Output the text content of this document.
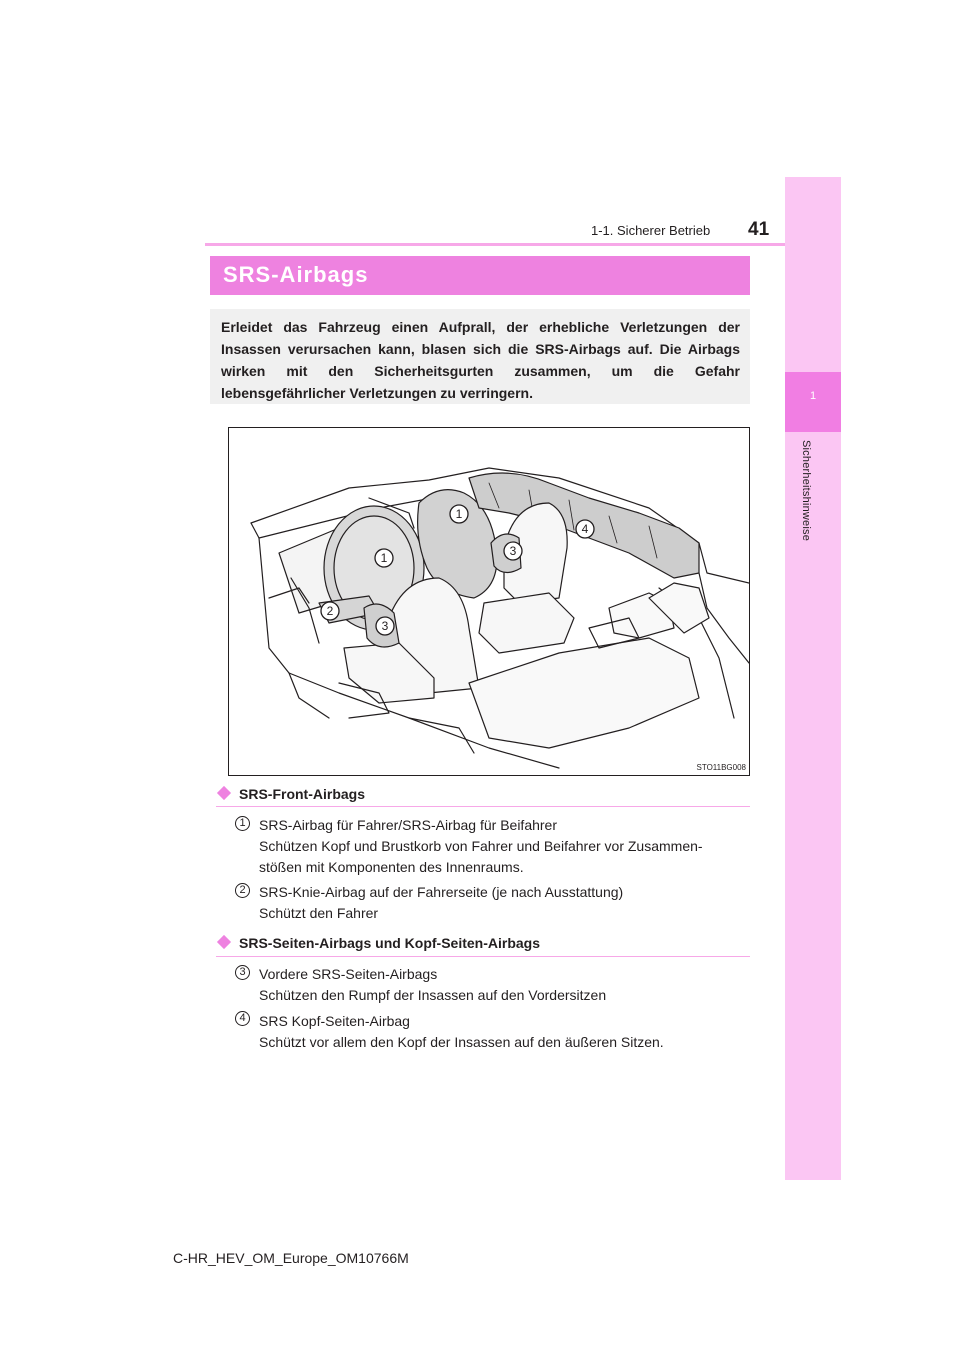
1-1. Sicherer Betrieb 41
1
Sicherheitshinweise
SRS-Airbags
Erleidet das Fahrzeug einen Aufprall, der erhebliche Verletzungen der Insassen verursachen kann, blasen sich die SRS-Airbags auf. Die Airbags wirken mit den Sicherheitsgurten zusammen, um die Gefahr lebensgefährlicher Verletzungen zu verringern.
1
1
2
3
3
4
STO11BG008
SRS-Front-Airbags
1 SRS-Airbag für Fahrer/SRS-Airbag für Beifahrer
Schützen Kopf und Brustkorb von Fahrer und Beifahrer vor Zusammen-
stößen mit Komponenten des Innenraums.
2 SRS-Knie-Airbag auf der Fahrerseite (je nach Ausstattung)
Schützt den Fahrer
SRS-Seiten-Airbags und Kopf-Seiten-Airbags
3 Vordere SRS-Seiten-Airbags
Schützen den Rumpf der Insassen auf den Vordersitzen
4 SRS Kopf-Seiten-Airbag
Schützt vor allem den Kopf der Insassen auf den äußeren Sitzen.
C-HR_HEV_OM_Europe_OM10766M
